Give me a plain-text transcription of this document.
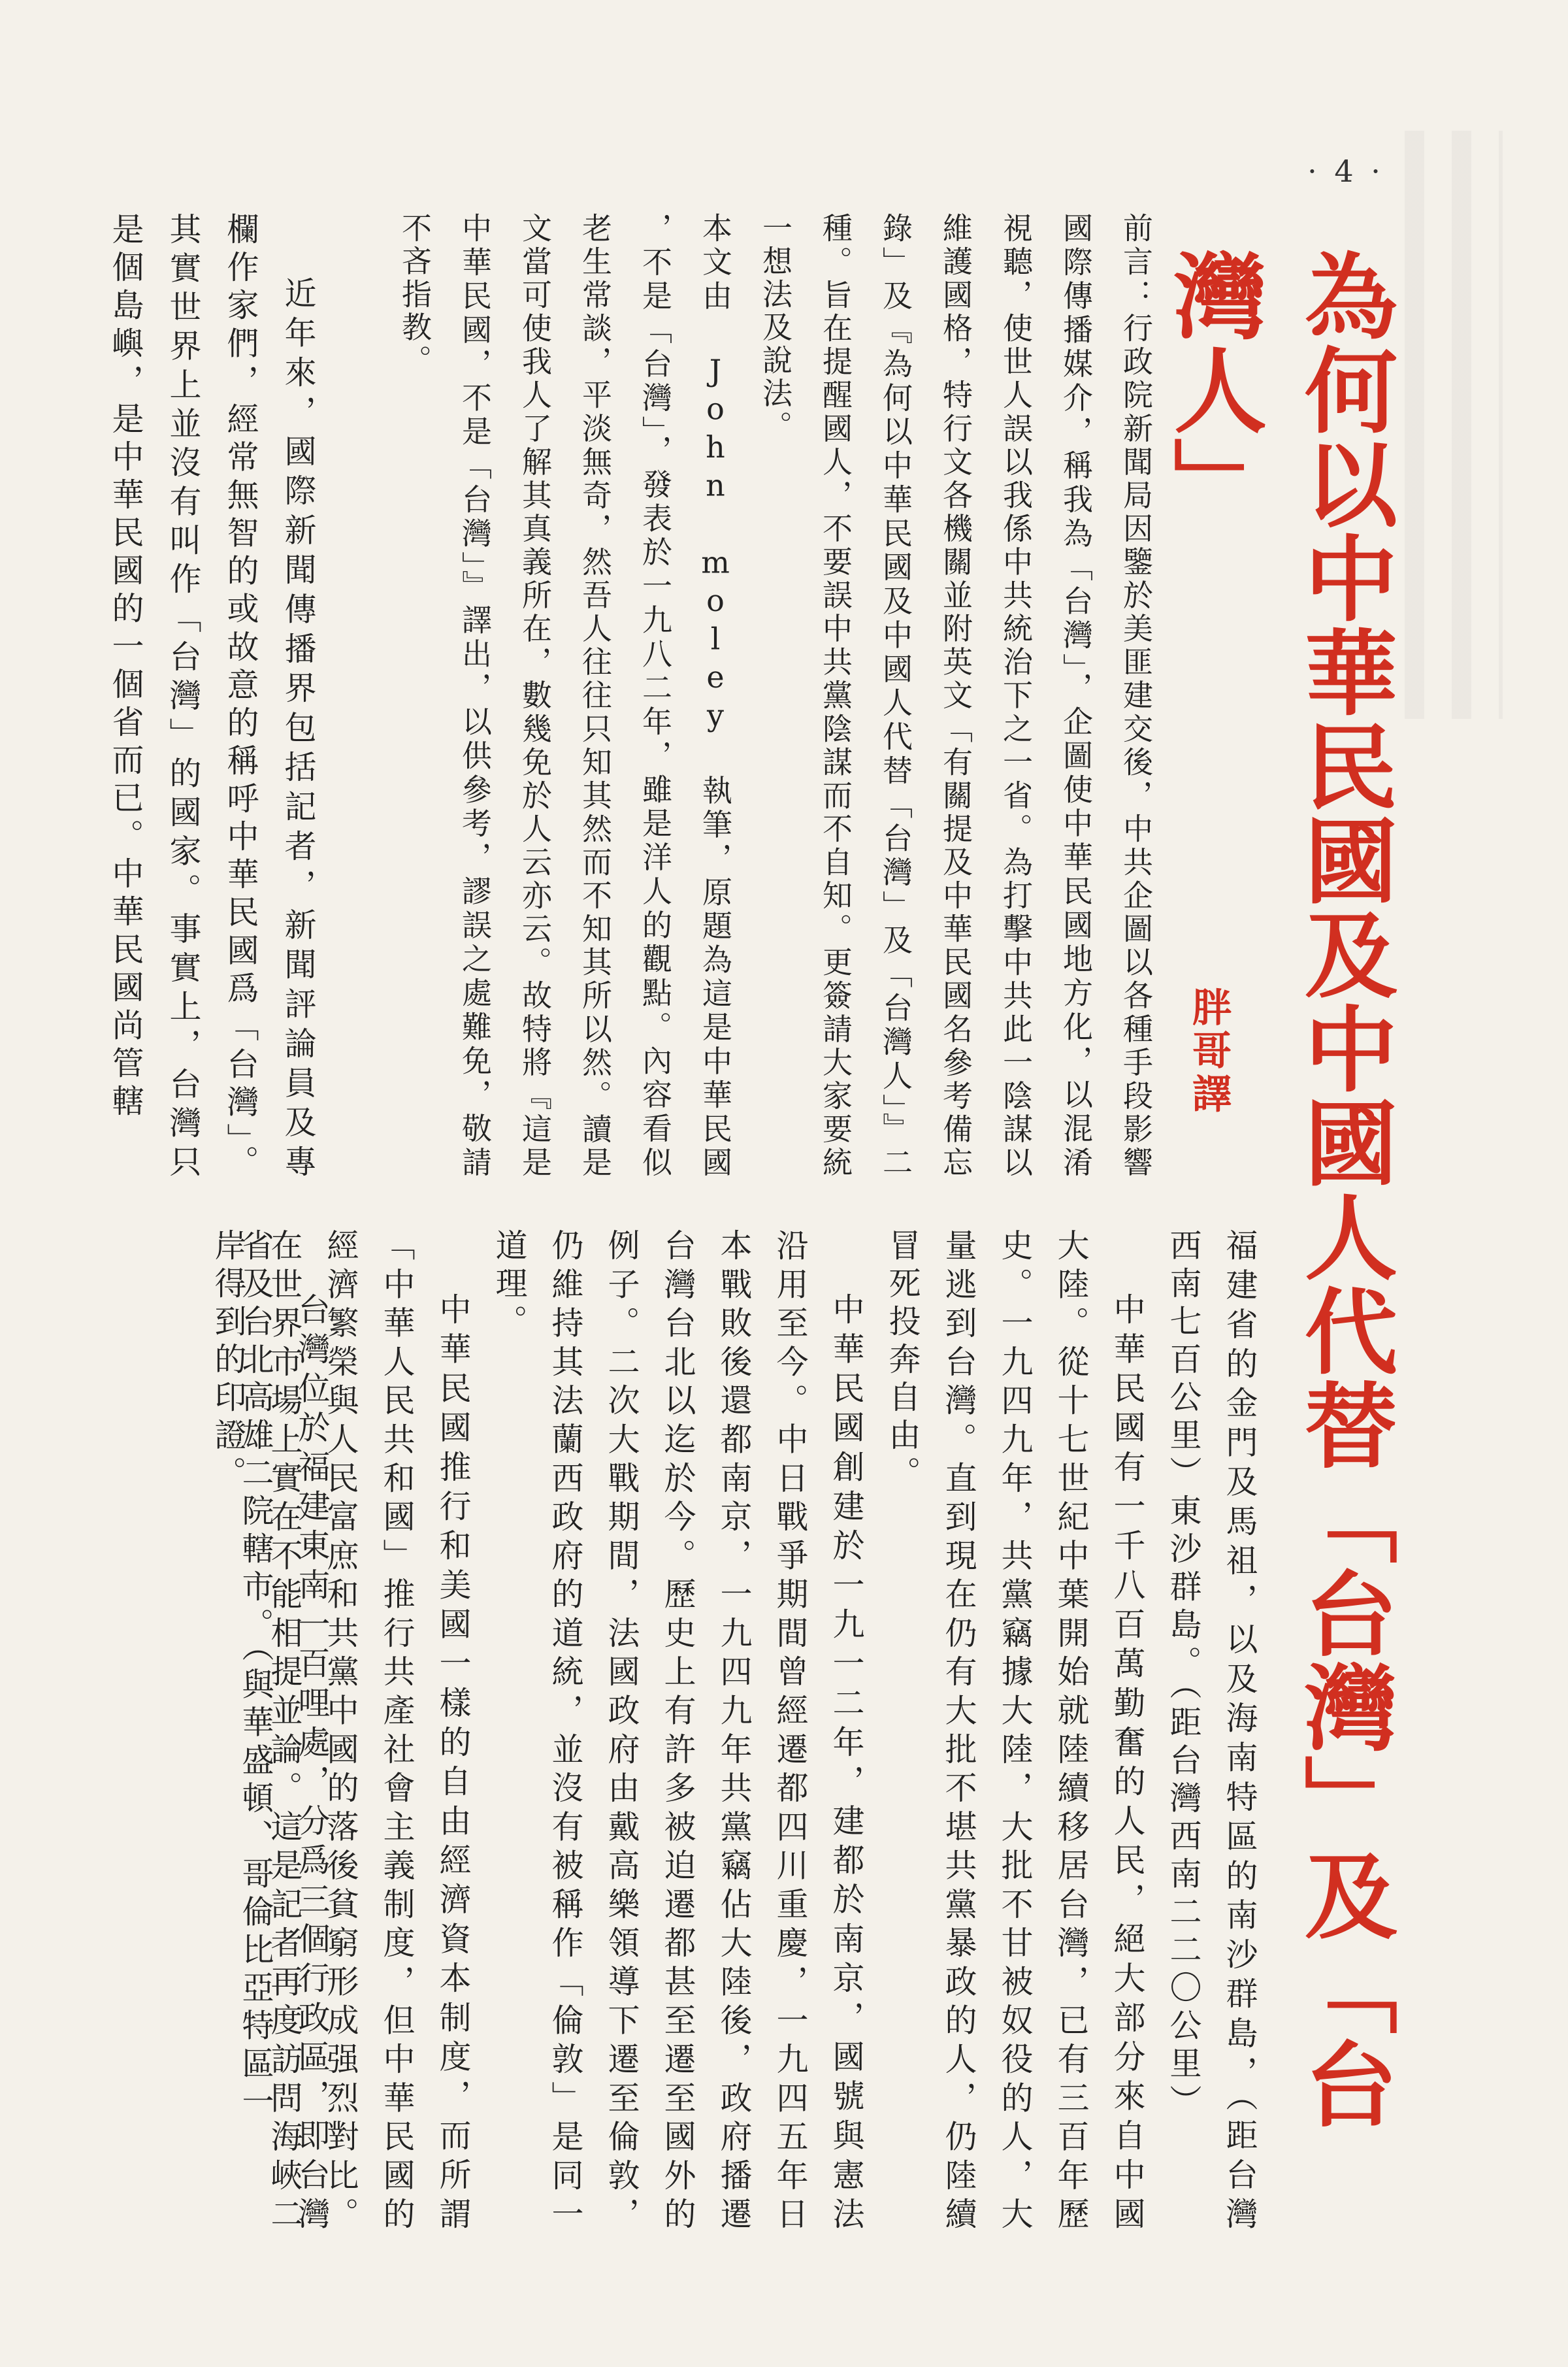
· 4 ·
為何以中華民國及中國人代替「台灣」及「台灣人」
胖哥譯

前言：行政院新聞局因鑒於美匪建交後，中共企圖以各種手段影響國際傳播媒介，稱我為「台灣」，企圖使中華民國地方化，以混淆視聽，使世人誤以我係中共統治下之一省。為打擊中共此一陰謀以維護國格，特行文各機關並附英文「有關提及中華民國名參考備忘錄」及『為何以中華民國及中國人代替「台灣」及「台灣人」』二種。旨在提醒國人，不要誤中共黨陰謀而不自知。更簽請大家要統一想法及說法。

本文由 John moley 執筆，原題為這是中華民國，不是「台灣」，發表於一九八二年，雖是洋人的觀點。內容看似老生常談，平淡無奇，然吾人往往只知其然而不知其所以然。讀是文當可使我人了解其真義所在，數幾免於人云亦云。故特將『這是中華民國，不是「台灣」』譯出，以供參考，謬誤之處難免，敬請不吝指教。

近年來，國際新聞傳播界包括記者，新聞評論員及專欄作家們，經常無智的或故意的稱呼中華民國爲「台灣」。其實世界上並沒有叫作「台灣」的國家。事實上，台灣只是個島嶼，是中華民國的一個省而已。中華民國尚管轄

福建省的金門及馬祖，以及海南特區的南沙群島，（距台灣西南七百公里）東沙群島。（距台灣西南二二〇公里）

中華民國有一千八百萬勤奮的人民，絕大部分來自中國大陸。從十七世紀中葉開始就陸續移居台灣，已有三百年歷史。一九四九年，共黨竊據大陸，大批不甘被奴役的人，大量逃到台灣。直到現在仍有大批不堪共黨暴政的人，仍陸續冒死投奔自由。

中華民國創建於一九一二年，建都於南京，國號與憲法沿用至今。中日戰爭期間曾經遷都四川重慶，一九四五年日本戰敗後還都南京，一九四九年共黨竊佔大陸後，政府播遷台灣台北以迄於今。歷史上有許多被迫遷都甚至遷至國外的例子。二次大戰期間，法國政府由戴高樂領導下遷至倫敦，仍維持其法蘭西政府的道統，並沒有被稱作「倫敦」是同一道理。

中華民國推行和美國一樣的自由經濟資本制度，而所謂「中華人民共和國」推行共產社會主義制度，但中華民國的經濟繁榮與人民富庶和共黨中國的落後貧窮形成强烈對比。在世界市場上實在不能相提並論。這是記者再度訪問海峽二岸得到的印證。	台灣位於福建東南一百哩處，分爲三個行政區，即台灣省及台北高雄二院轄市。（與華盛頓、哥倫比亞特區一
